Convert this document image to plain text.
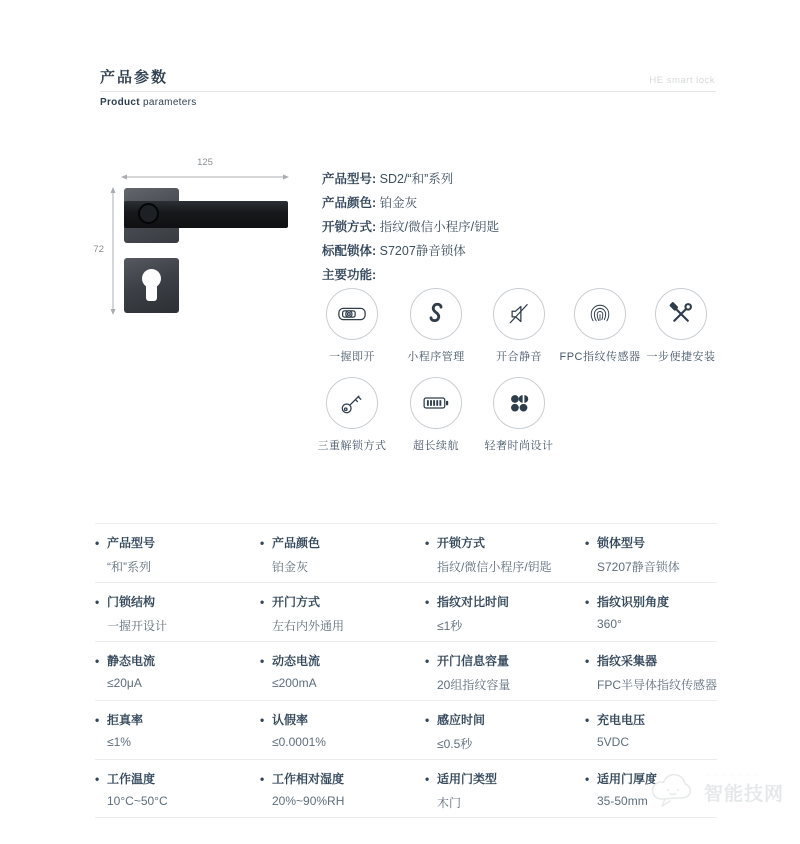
产品参数
Product parameters
HE smart lock
125
72
产品型号: SD2/“和”系列
产品颜色: 铂金灰
开锁方式: 指纹/微信小程序/钥匙
标配锁体: S7207静音锁体
主要功能:
一握即开	小程序管理	开合静音	FPC指纹传感器 一步便捷安装
三重解锁方式	超长续航	轻奢时尚设计
• 产品型号
“和”系列
• 产品颜色
铂金灰
• 开锁方式
指纹/微信小程序/钥匙
• 锁体型号
S7207静音锁体
• 门锁结构
一握开设计
• 开门方式
左右内外通用
• 指纹对比时间
≤1秒
• 指纹识别角度
360°
• 静态电流
≤20μA
• 动态电流
≤200mA
• 开门信息容量
20组指纹容量
• 指纹采集器
FPC半导体指纹传感器
• 拒真率
≤1%
• 认假率
≤0.0001%
• 感应时间
≤0.5秒
• 充电电压
5VDC
• 工作温度
10°C~50°C
• 工作相对湿度
20%~90%RH
• 适用门类型
木门
• 适用门厚度
35-50mm
⋯⋯⋯⋯⋯⋯⋯
智能技网
